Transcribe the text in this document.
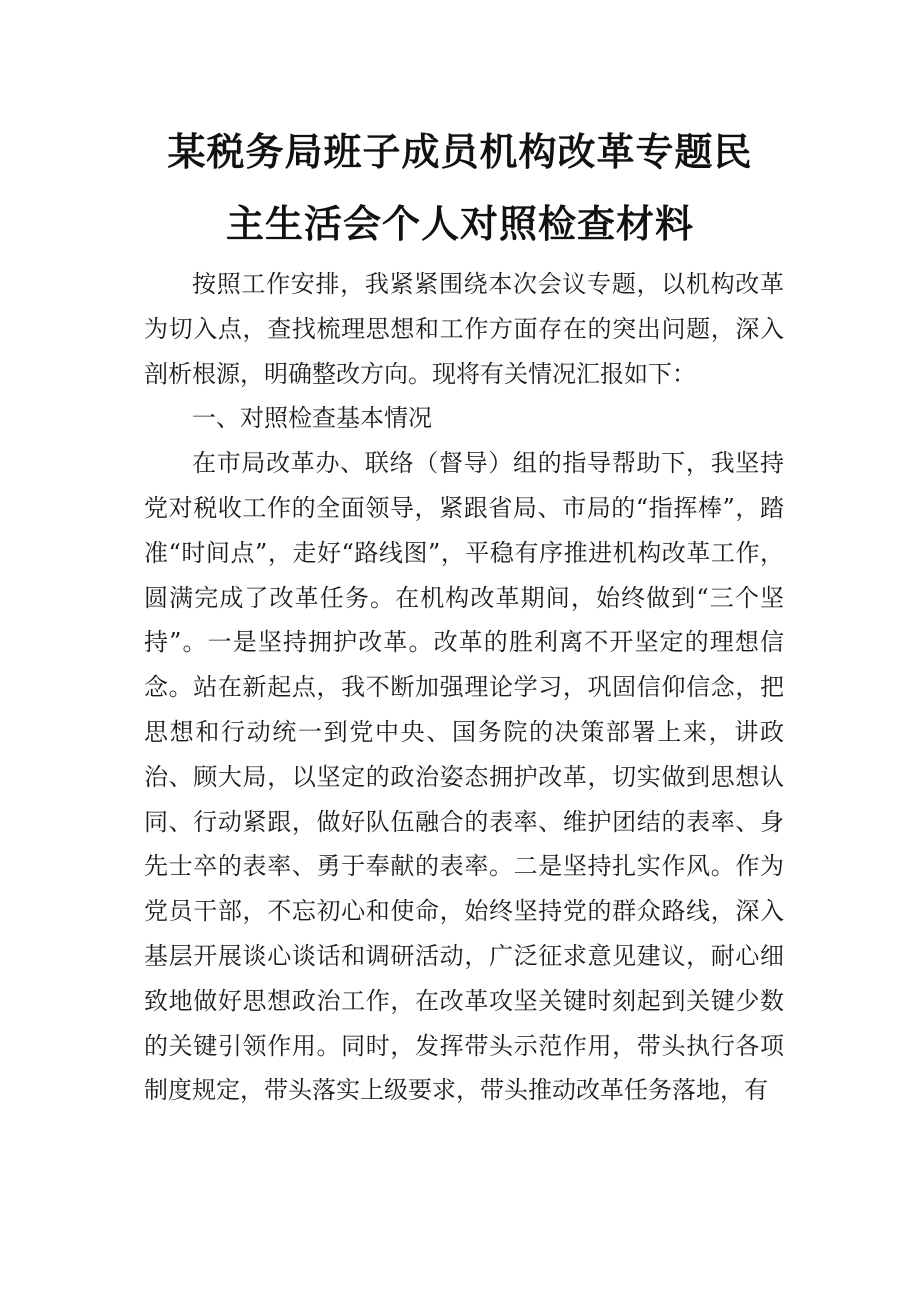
某税务局班子成员机构改革专题民
主生活会个人对照检查材料

按照工作安排，我紧紧围绕本次会议专题，以机构改革为切入点，查找梳理思想和工作方面存在的突出问题，深入剖析根源，明确整改方向。现将有关情况汇报如下：

一、对照检查基本情况

在市局改革办、联络（督导）组的指导帮助下，我坚持党对税收工作的全面领导，紧跟省局、市局的“指挥棒”，踏准“时间点”，走好“路线图”，平稳有序推进机构改革工作，圆满完成了改革任务。在机构改革期间，始终做到“三个坚持”。一是坚持拥护改革。改革的胜利离不开坚定的理想信念。站在新起点，我不断加强理论学习，巩固信仰信念，把思想和行动统一到党中央、国务院的决策部署上来，讲政治、顾大局，以坚定的政治姿态拥护改革，切实做到思想认同、行动紧跟，做好队伍融合的表率、维护团结的表率、身先士卒的表率、勇于奉献的表率。二是坚持扎实作风。作为党员干部，不忘初心和使命，始终坚持党的群众路线，深入基层开展谈心谈话和调研活动，广泛征求意见建议，耐心细致地做好思想政治工作，在改革攻坚关键时刻起到关键少数的关键引领作用。同时，发挥带头示范作用，带头执行各项制度规定，带头落实上级要求，带头推动改革任务落地，有
